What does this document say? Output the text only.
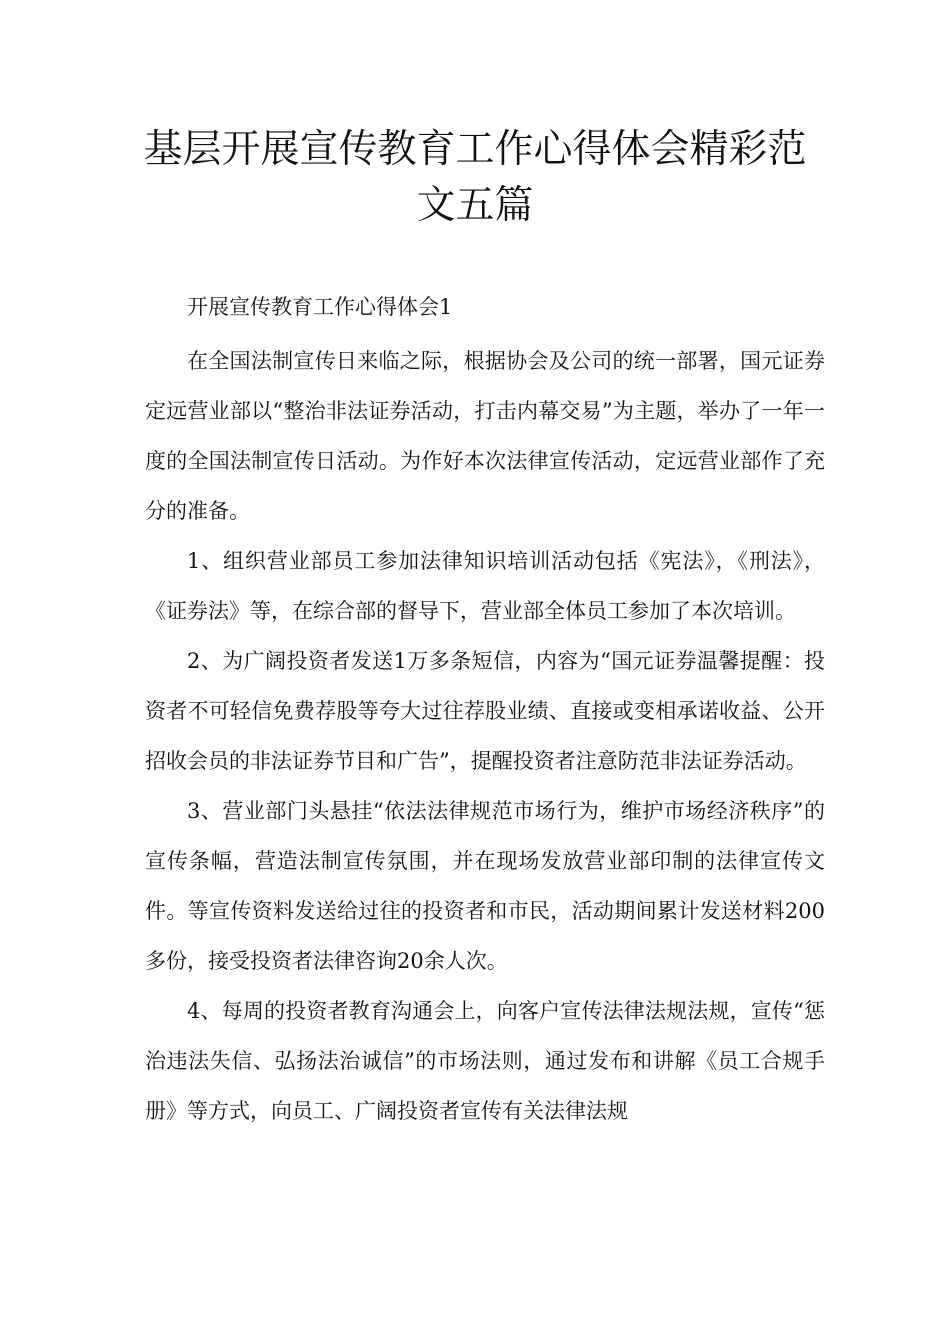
基层开展宣传教育工作心得体会精彩范
文五篇

开展宣传教育工作心得体会1

在全国法制宣传日来临之际，根据协会及公司的统一部署，国元证券定远营业部以“整治非法证券活动，打击内幕交易”为主题，举办了一年一度的全国法制宣传日活动。为作好本次法律宣传活动，定远营业部作了充分的准备。

1、组织营业部员工参加法律知识培训活动包括《宪法》，《刑法》，《证券法》等，在综合部的督导下，营业部全体员工参加了本次培训。

2、为广阔投资者发送1万多条短信，内容为“国元证券温馨提醒：投资者不可轻信免费荐股等夸大过往荐股业绩、直接或变相承诺收益、公开招收会员的非法证券节目和广告”，提醒投资者注意防范非法证券活动。

3、营业部门头悬挂“依法法律规范市场行为，维护市场经济秩序”的宣传条幅，营造法制宣传氛围，并在现场发放营业部印制的法律宣传文件。等宣传资料发送给过往的投资者和市民，活动期间累计发送材料200多份，接受投资者法律咨询20余人次。

4、每周的投资者教育沟通会上，向客户宣传法律法规法规，宣传“惩治违法失信、弘扬法治诚信”的市场法则，通过发布和讲解《员工合规手册》等方式，向员工、广阔投资者宣传有关法律法规
